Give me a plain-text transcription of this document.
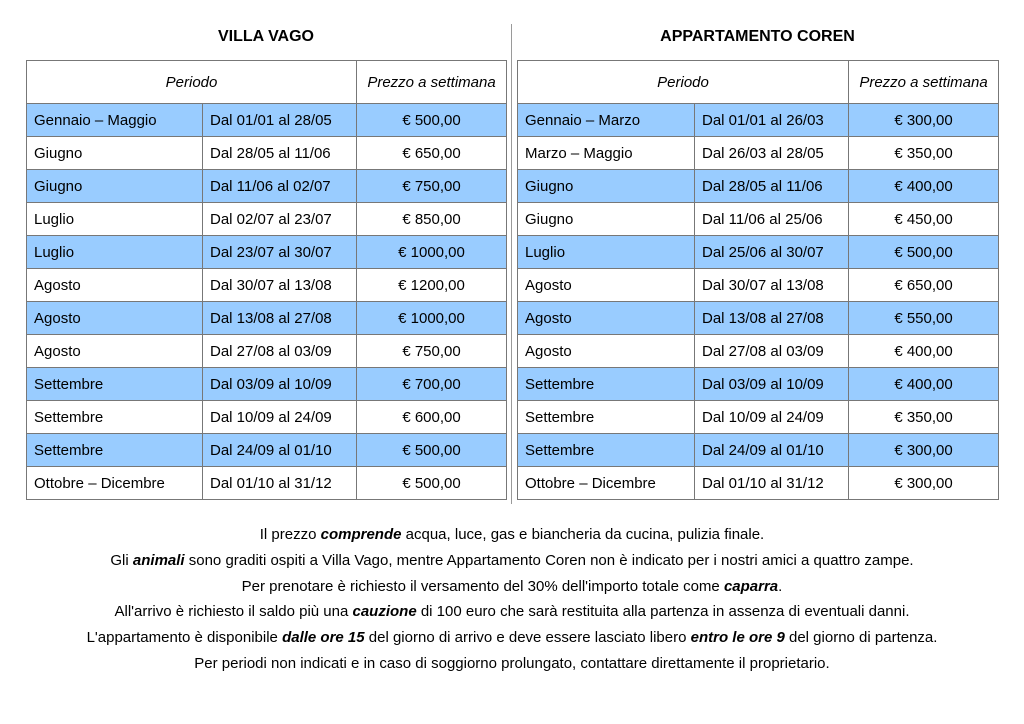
VILLA VAGO
Periodo		Prezzo a settimana
Gennaio – Maggio	Dal 01/01 al 28/05	€ 500,00
Giugno	Dal 28/05 al 11/06	€ 650,00
Giugno	Dal 11/06 al 02/07	€ 750,00
Luglio	Dal 02/07 al 23/07	€ 850,00
Luglio	Dal 23/07 al 30/07	€ 1000,00
Agosto	Dal 30/07 al 13/08	€ 1200,00
Agosto	Dal 13/08 al 27/08	€ 1000,00
Agosto	Dal 27/08 al 03/09	€ 750,00
Settembre	Dal 03/09 al 10/09	€ 700,00
Settembre	Dal 10/09 al 24/09	€ 600,00
Settembre	Dal 24/09 al 01/10	€ 500,00
Ottobre – Dicembre	Dal 01/10 al 31/12	€ 500,00
APPARTAMENTO COREN
Periodo		Prezzo a settimana
Gennaio – Marzo	Dal 01/01 al 26/03	€ 300,00
Marzo – Maggio	Dal 26/03 al 28/05	€ 350,00
Giugno	Dal 28/05 al 11/06	€ 400,00
Giugno	Dal 11/06 al 25/06	€ 450,00
Luglio	Dal 25/06 al 30/07	€ 500,00
Agosto	Dal 30/07 al 13/08	€ 650,00
Agosto	Dal 13/08 al 27/08	€ 550,00
Agosto	Dal 27/08 al 03/09	€ 400,00
Settembre	Dal 03/09 al 10/09	€ 400,00
Settembre	Dal 10/09 al 24/09	€ 350,00
Settembre	Dal 24/09 al 01/10	€ 300,00
Ottobre – Dicembre	Dal 01/10 al 31/12	€ 300,00

Il prezzo comprende acqua, luce, gas e biancheria da cucina, pulizia finale.

Gli animali sono graditi ospiti a Villa Vago, mentre Appartamento Coren non è indicato per i nostri amici a quattro zampe.

Per prenotare è richiesto il versamento del 30% dell'importo totale come caparra.

All'arrivo è richiesto il saldo più una cauzione di 100 euro che sarà restituita alla partenza in assenza di eventuali danni.

L'appartamento è disponibile dalle ore 15 del giorno di arrivo e deve essere lasciato libero entro le ore 9 del giorno di partenza.

Per periodi non indicati e in caso di soggiorno prolungato, contattare direttamente il proprietario.
